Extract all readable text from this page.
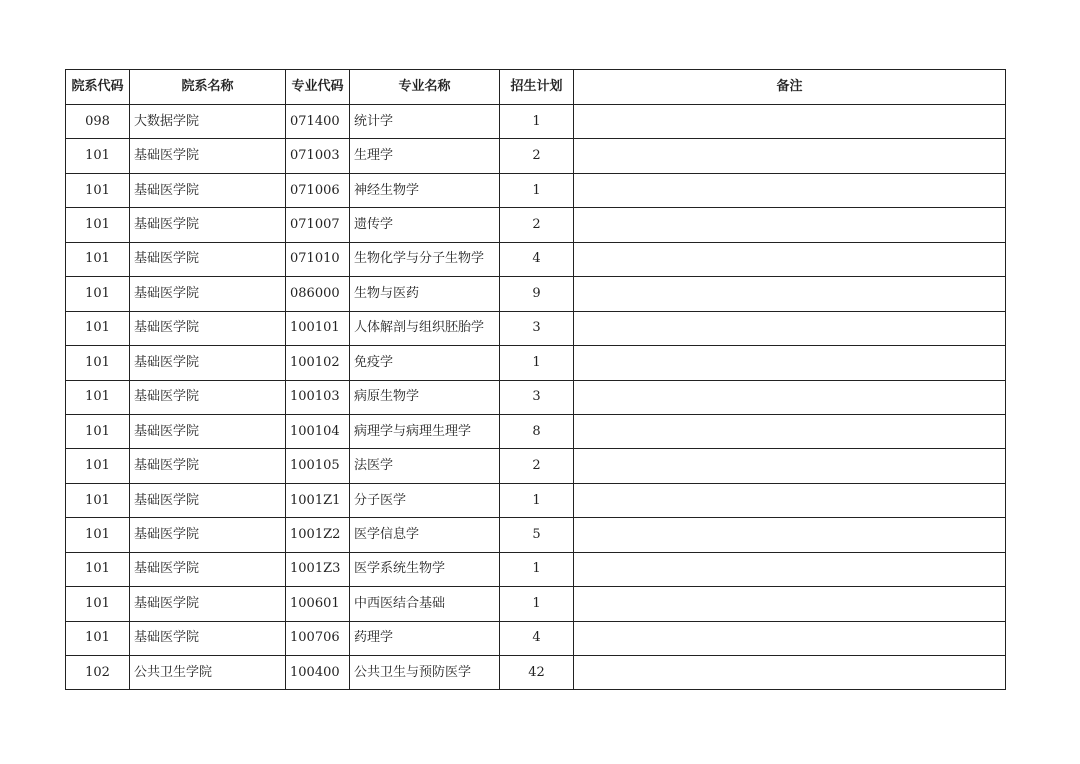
院系代码	院系名称	专业代码	专业名称	招生计划	备注
098	大数据学院	071400	统计学	1	
101	基础医学院	071003	生理学	2	
101	基础医学院	071006	神经生物学	1	
101	基础医学院	071007	遗传学	2	
101	基础医学院	071010	生物化学与分子生物学	4	
101	基础医学院	086000	生物与医药	9	
101	基础医学院	100101	人体解剖与组织胚胎学	3	
101	基础医学院	100102	免疫学	1	
101	基础医学院	100103	病原生物学	3	
101	基础医学院	100104	病理学与病理生理学	8	
101	基础医学院	100105	法医学	2	
101	基础医学院	1001Z1	分子医学	1	
101	基础医学院	1001Z2	医学信息学	5	
101	基础医学院	1001Z3	医学系统生物学	1	
101	基础医学院	100601	中西医结合基础	1	
101	基础医学院	100706	药理学	4	
102	公共卫生学院	100400	公共卫生与预防医学	42	
